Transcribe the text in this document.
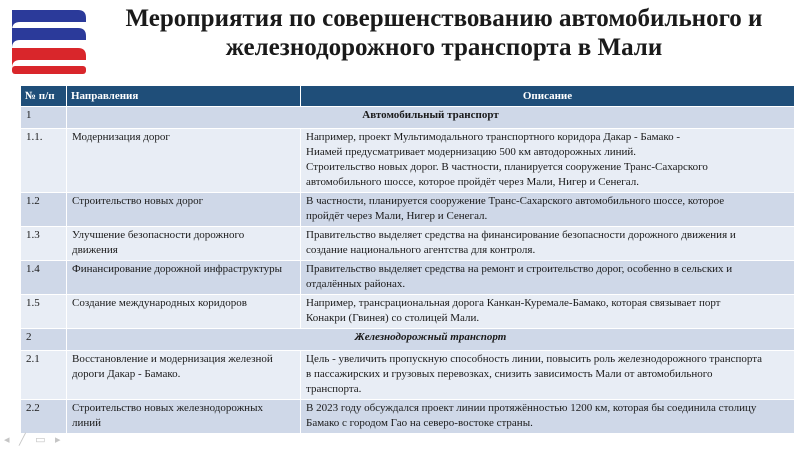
Мероприятия по совершенствованию автомобильного и
железнодорожного транспорта в Мали
№ п/п	Направления	Описание
1	Автомобильный транспорт	
1.1.	Модернизация дорог	Например, проект Мультимодального транспортного коридора Дакар - Бамако -
Ниамей предусматривает модернизацию 500 км автодорожных линий.
Строительство новых дорог. В частности, планируется сооружение Транс-Сахарского
автомобильного шоссе, которое пройдёт через Мали, Нигер и Сенегал.

1.2	Строительство новых дорог	В частности, планируется сооружение Транс-Сахарского автомобильного шоссе, которое
пройдёт через Мали, Нигер и Сенегал.

1.3	Улучшение безопасности дорожного
движения	Правительство выделяет средства на финансирование безопасности дорожного движения и
создание национального агентства для контроля.

1.4	Финансирование дорожной инфраструктуры	Правительство выделяет средства на ремонт и строительство дорог, особенно в сельских и
отдалённых районах.

1.5	Создание международных коридоров	Например, трансрациональная дорога Канкан-Куремале-Бамако, которая связывает порт
Конакри (Гвинея) со столицей Мали.

2	Железнодорожный транспорт	
2.1	Восстановление и модернизация железной
дороги Дакар - Бамако.	Цель - увеличить пропускную способность линии, повысить роль железнодорожного транспорта
в пассажирских и грузовых перевозках, снизить зависимость Мали от автомобильного
транспорта.

2.2	Строительство новых железнодорожных
линий	В 2023 году обсуждался проект линии протяжённостью 1200 км, которая бы соединила столицу
Бамако с городом Гао на северо-востоке страны.
◂ ╱ ▭ ▸
